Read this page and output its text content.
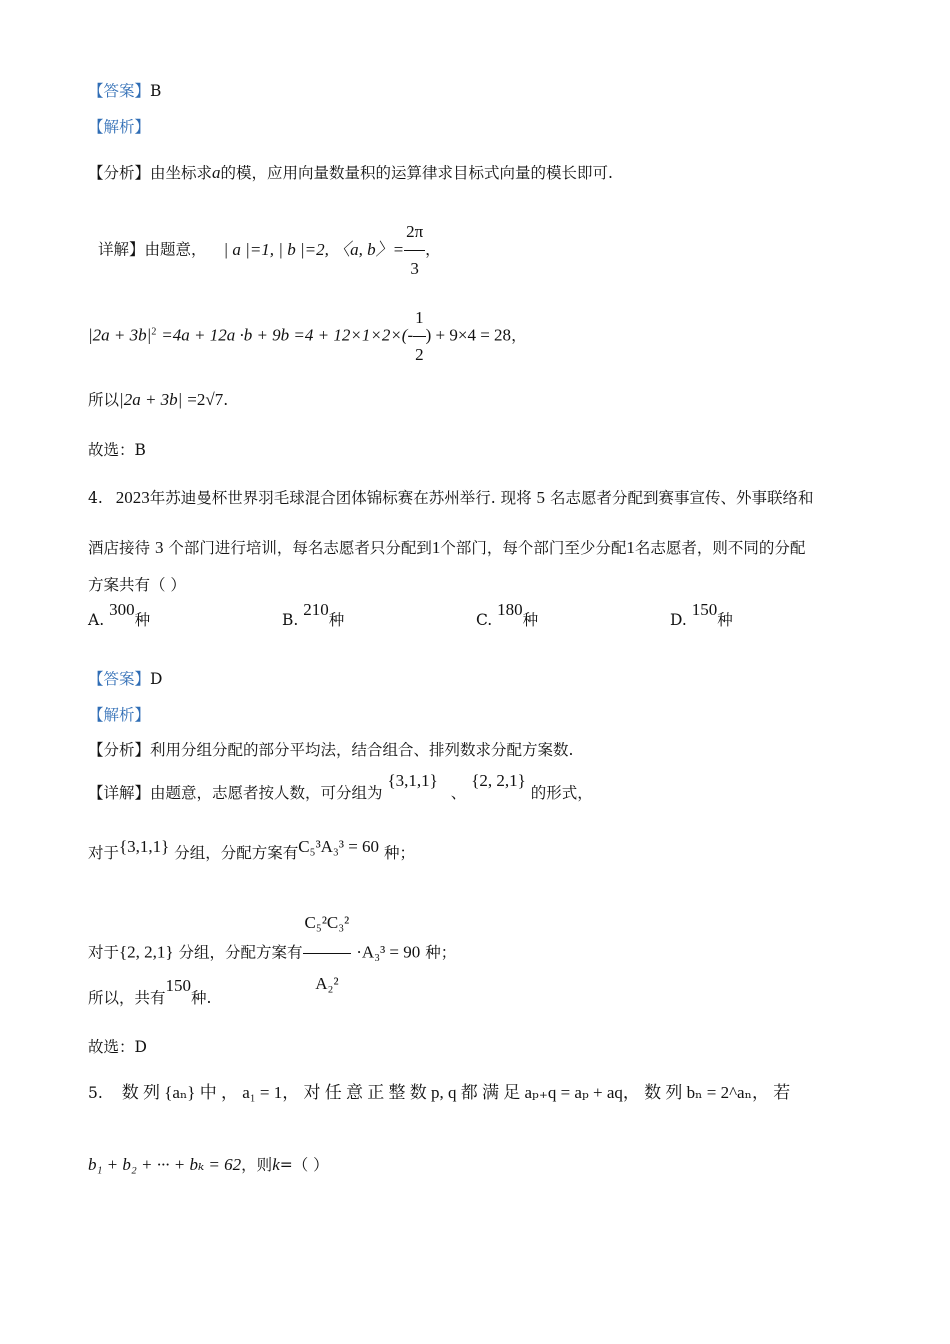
【答案】B
【解析】
【分析】由坐标求a的模，应用向量数量积的运算律求目标式向量的模长即可.
详解】由题意， | a |=1, | b |=2, 〈a, b〉= $\frac{2\pi}{3}$ ，
$|2a + 3b|^2 =4a + 12a \cdot b + 9b =4 + 12\times 1\times 2\times(- \frac{1}{2}$ ) + 9×4 = 28，
所以|2a + 3b| =2√7.
故选：B
4. 2023年苏迪曼杯世界羽毛球混合团体锦标赛在苏州举行. 现将 5 名志愿者分配到赛事宣传、外事联络和
酒店接待 3 个部门进行培训，每名志愿者只分配到1个部门，每个部门至少分配1名志愿者，则不同的分配
方案共有（ ）
A. 300种	B. 210种	C. 180种	D. 150种
【答案】D
【解析】
【分析】利用分组分配的部分平均法，结合组合、排列数求分配方案数.
【详解】由题意，志愿者按人数，可分组为 {3,1,1} 、 {2, 2,1} 的形式，
对于{3,1,1} 分组，分配方案有C₅³A₃³ = 60 种；
对于{2, 2,1} 分组，分配方案有 $\frac{\text{C₅²C₃²}}{\text{A₂²}} \cdot A_3^3 = 90$ 种；
所以，共有150种.
故选：D
5. 数 列 {aₙ} 中 ， a₁ = 1， 对 任 意 正 整 数 p, q 都 满 足 aₚ₊q = aₚ + aq， 数 列 bₙ = 2^aₙ， 若
b₁ + b₂ + ··· + bₖ = 62，则k=（ ）
